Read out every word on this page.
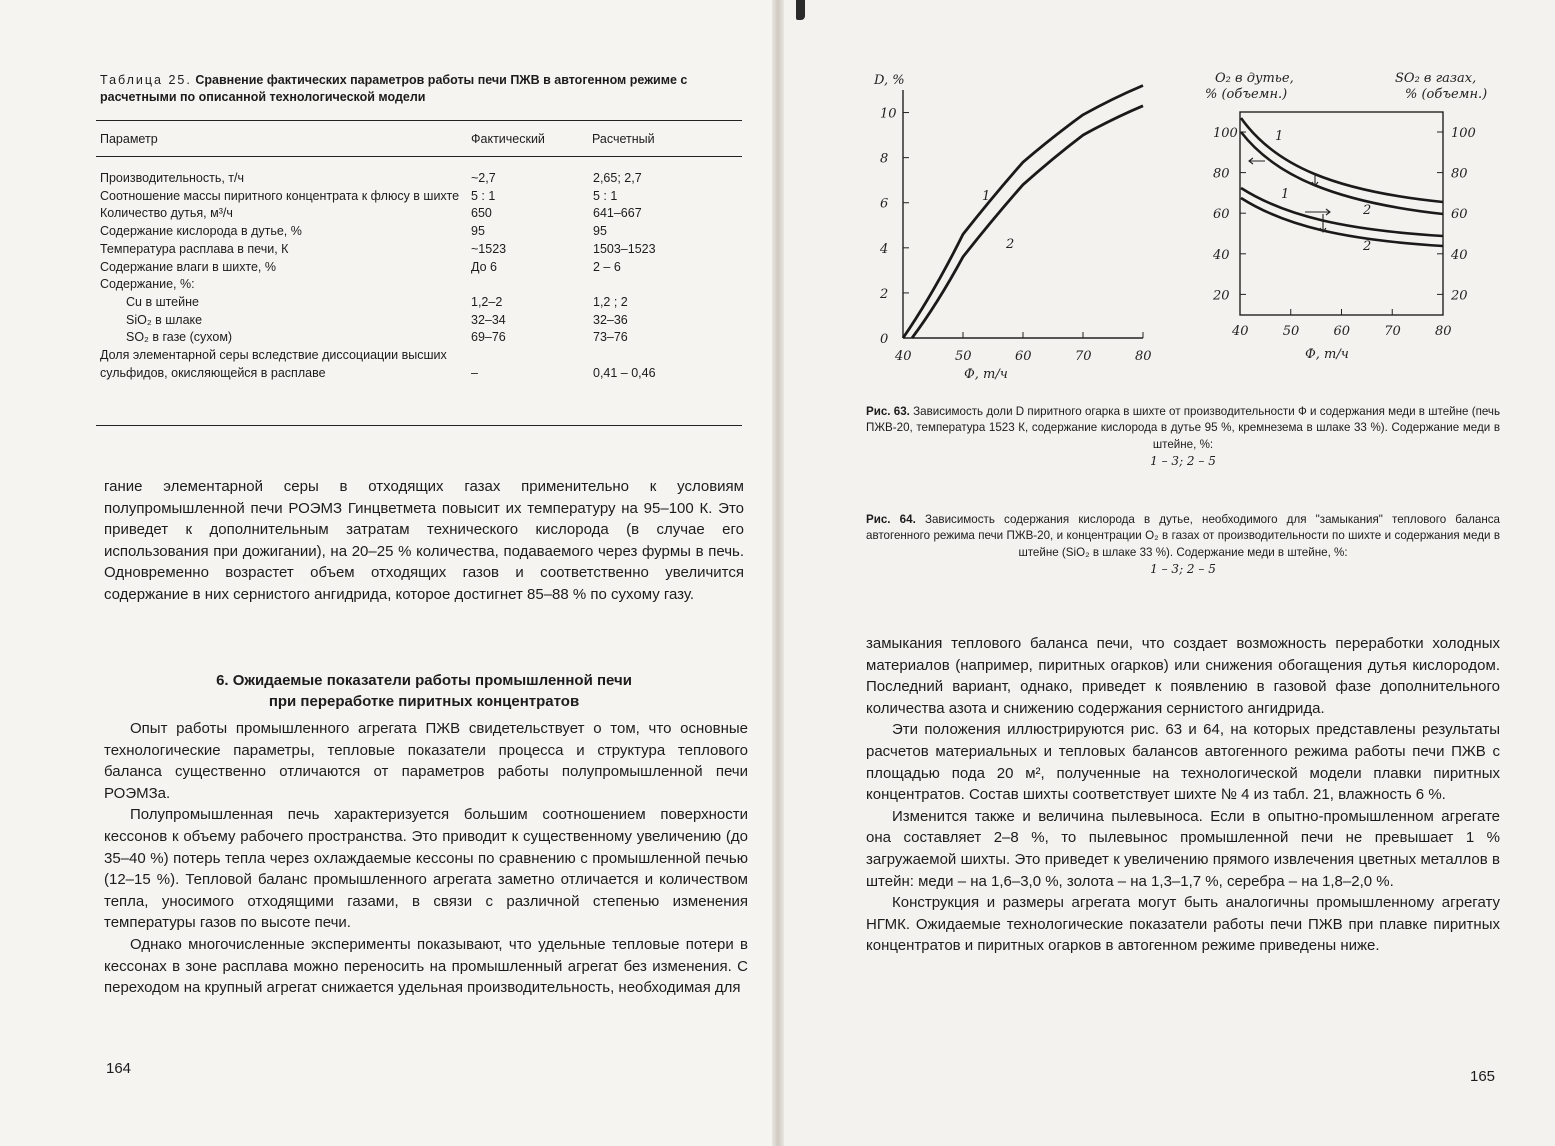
Таблица 25. Сравнение фактических параметров работы печи ПЖВ в автогенном режиме с расчетными по описанной технологической модели
Параметр	Фактический	Расчетный
Производительность, т/ч	~2,7	2,65; 2,7
Соотношение массы пиритного концентрата к флюсу в шихте 5 : 1	5 : 1
Количество дутья, м³/ч	650	641–667
Содержание кислорода в дутье, %	95	95
Температура расплава в печи, К	~1523	1503–1523
Содержание влаги в шихте, %	До 6	2 – 6
Содержание, %:
Cu в штейне	1,2–2	1,2 ; 2
SiO₂ в шлаке	32–34	32–36
SO₂ в газе (сухом)	69–76	73–76
Доля элементарной серы вследствие диссоциации высших сульфидов, окисляющейся в расплаве	–	0,41 – 0,46

гание элементарной серы в отходящих газах применительно к условиям полупромышленной печи РОЭМЗ Гинцветмета повысит их температуру на 95–100 К. Это приведет к дополнительным затратам технического кислорода (в случае его использования при дожигании), на 20–25 % количества, подаваемого через фурмы в печь. Одновременно возрастет объем отходящих газов и соответственно увеличится содержание в них сернистого ангидрида, которое достигнет 85–88 % по сухому газу.

6. Ожидаемые показатели работы промышленной печи
при переработке пиритных концентратов

Опыт работы промышленного агрегата ПЖВ свидетельствует о том, что основные технологические параметры, тепловые показатели процесса и структура теплового баланса существенно отличаются от параметров работы полупромышленной печи РОЭМЗа.

Полупромышленная печь характеризуется большим соотношением поверхности кессонов к объему рабочего пространства. Это приводит к существенному увеличению (до 35–40 %) потерь тепла через охлаждаемые кессоны по сравнению с промышленной печью (12–15 %). Тепловой баланс промышленного агрегата заметно отличается и количеством тепла, уносимого отходящими газами, в связи с различной степенью изменения температуры газов по высоте печи.

Однако многочисленные эксперименты показывают, что удельные тепловые потери в кессонах в зоне расплава можно переносить на промышленный агрегат без изменения. С переходом на крупный агрегат снижается удельная производительность, необходимая для

164
D, %
0
2
4
6
8
10
40	50	60	70	80
1
2
Ф, т/ч
O₂ в дутье,
% (объемн.)
SO₂ в газах,
% (объемн.)
20	20
40	40
60	60
80	80
100	100
40	50	60	70	80
1
2
1
2
Ф, т/ч
Рис. 63. Зависимость доли D пиритного огарка в шихте от производительности Ф и содержания меди в штейне (печь ПЖВ-20, температура 1523 К, содержание кислорода в дутье 95 %, кремнезема в шлаке 33 %). Содержание меди в штейне, %:
1 – 3; 2 – 5
Рис. 64. Зависимость содержания кислорода в дутье, необходимого для "замыкания" теплового баланса автогенного режима печи ПЖВ-20, и концентрации O₂ в газах от производительности по шихте и содержания меди в штейне (SiO₂ в шлаке 33 %). Содержание меди в штейне, %:
1 – 3; 2 – 5

замыкания теплового баланса печи, что создает возможность переработки холодных материалов (например, пиритных огарков) или снижения обогащения дутья кислородом. Последний вариант, однако, приведет к появлению в газовой фазе дополнительного количества азота и снижению содержания сернистого ангидрида.

Эти положения иллюстрируются рис. 63 и 64, на которых представлены результаты расчетов материальных и тепловых балансов автогенного режима работы печи ПЖВ с площадью пода 20 м², полученные на технологической модели плавки пиритных концентратов. Состав шихты соответствует шихте № 4 из табл. 21, влажность 6 %.

Изменится также и величина пылевыноса. Если в опытно-промышленном агрегате она составляет 2–8 %, то пылевынос промышленной печи не превышает 1 % загружаемой шихты. Это приведет к увеличению прямого извлечения цветных металлов в штейн: меди – на 1,6–3,0 %, золота – на 1,3–1,7 %, серебра – на 1,8–2,0 %.

Конструкция и размеры агрегата могут быть аналогичны промышленному агрегату НГМК. Ожидаемые технологические показатели работы печи ПЖВ при плавке пиритных концентратов и пиритных огарков в автогенном режиме приведены ниже.

165
